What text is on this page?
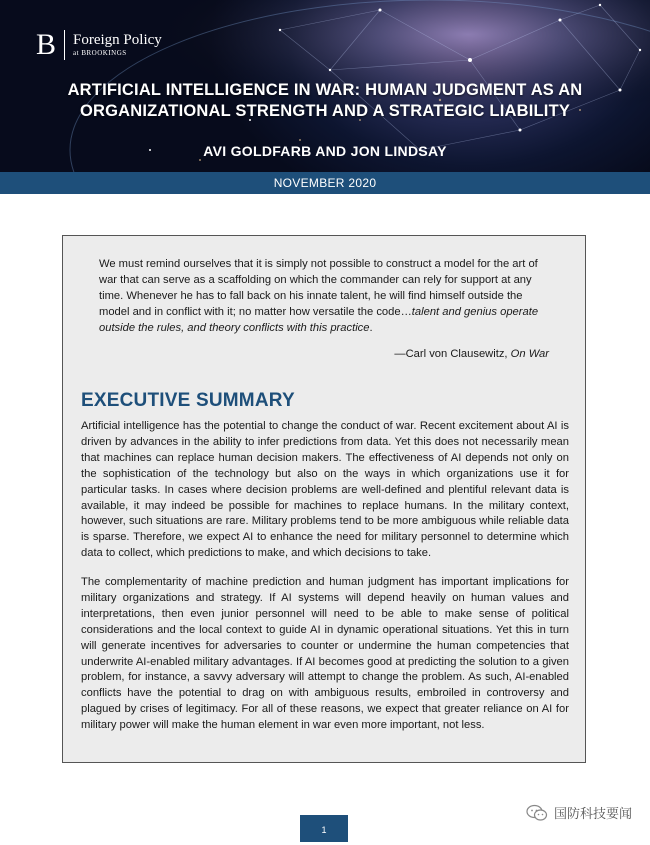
B	Foreign Policy
at BROOKINGS
ARTIFICIAL INTELLIGENCE IN WAR: HUMAN JUDGMENT AS AN
ORGANIZATIONAL STRENGTH AND A STRATEGIC LIABILITY
AVI GOLDFARB AND JON LINDSAY
NOVEMBER 2020
We must remind ourselves that it is simply not possible to construct a model for the art of war that can serve as a scaffolding on which the commander can rely for support at any time. Whenever he has to fall back on his innate talent, he will find himself outside the model and in conflict with it; no matter how versatile the code…talent and genius operate outside the rules, and theory conflicts with this practice.
—Carl von Clausewitz, On War
EXECUTIVE SUMMARY

Artificial intelligence has the potential to change the conduct of war. Recent excitement about AI is driven by advances in the ability to infer predictions from data. Yet this does not necessarily mean that machines can replace human decision makers. The effectiveness of AI depends not only on the sophistication of the technology but also on the ways in which organizations use it for particular tasks. In cases where decision problems are well-defined and plentiful relevant data is available, it may indeed be possible for machines to replace humans. In the military context, however, such situations are rare. Military problems tend to be more ambiguous while reliable data is sparse. Therefore, we expect AI to enhance the need for military personnel to determine which data to collect, which predictions to make, and which decisions to take.

The complementarity of machine prediction and human judgment has important implications for military organizations and strategy. If AI systems will depend heavily on human values and interpretations, then even junior personnel will need to be able to make sense of political considerations and the local context to guide AI in dynamic operational situations. Yet this in turn will generate incentives for adversaries to counter or undermine the human competencies that underwrite AI-enabled military advantages. If AI becomes good at predicting the solution to a given problem, for instance, a savvy adversary will attempt to change the problem. As such, AI-enabled conflicts have the potential to drag on with ambiguous results, embroiled in controversy and plagued by crises of legitimacy. For all of these reasons, we expect that greater reliance on AI for military power will make the human element in war even more important, not less.

1
国防科技要闻
